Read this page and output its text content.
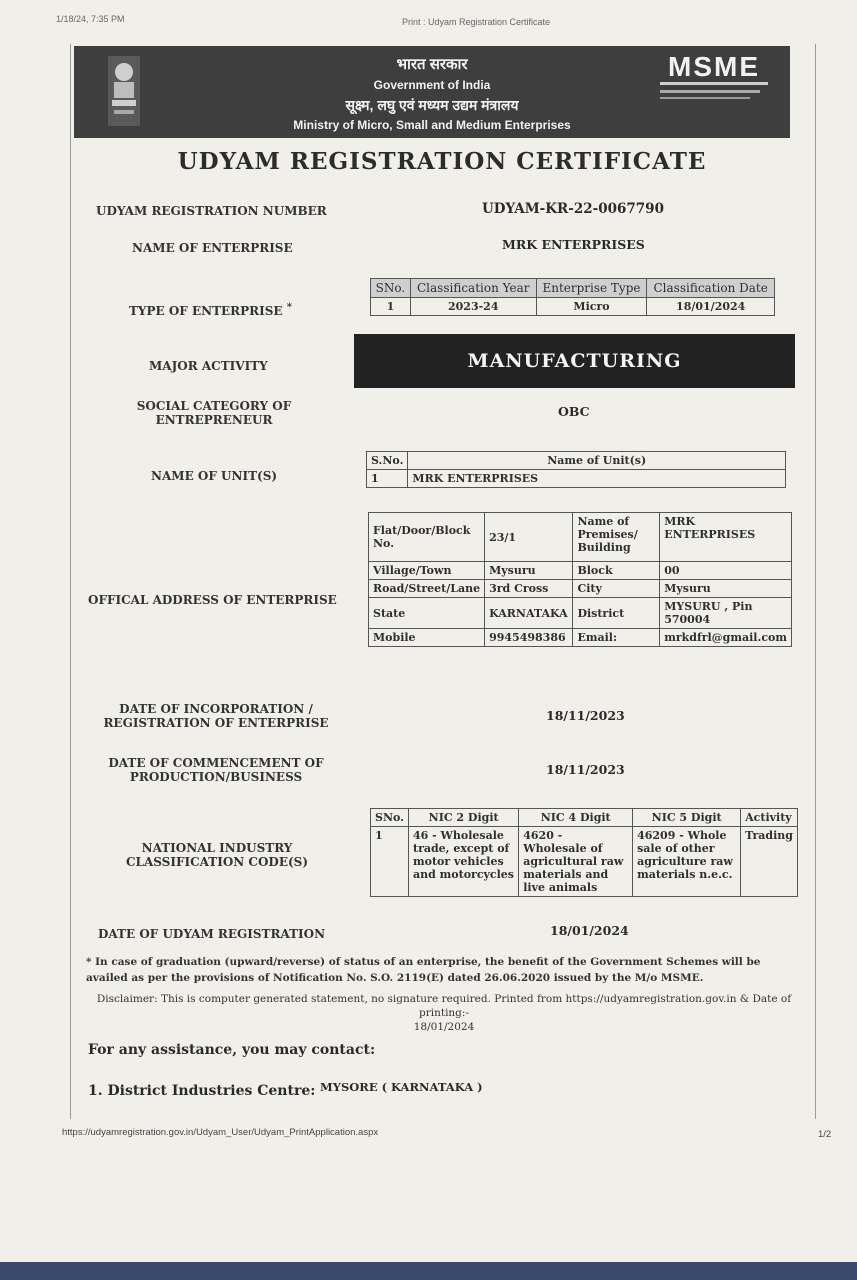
1/18/24, 7:35 PM	Print : Udyam Registration Certificate
भारत सरकार
Government of India
सूक्ष्म, लघु एवं मध्यम उद्यम मंत्रालय
Ministry of Micro, Small and Medium Enterprises
MSME
UDYAM REGISTRATION CERTIFICATE
UDYAM REGISTRATION NUMBER	UDYAM-KR-22-0067790
NAME OF ENTERPRISE	MRK ENTERPRISES
TYPE OF ENTERPRISE *
SNo.	Classification Year	Enterprise Type	Classification Date
1	2023-24	Micro	18/01/2024
MAJOR ACTIVITY	MANUFACTURING
SOCIAL CATEGORY OF
ENTREPRENEUR
OBC
NAME OF UNIT(S)
S.No.	Name of Unit(s)
1	MRK ENTERPRISES
OFFICAL ADDRESS OF ENTERPRISE
Flat/Door/Block No.	23/1	Name of Premises/ Building	MRK ENTERPRISES
Village/Town	Mysuru	Block	00
Road/Street/Lane	3rd Cross	City	Mysuru
State	KARNATAKA	District	MYSURU , Pin 570004
Mobile	9945498386	Email:	mrkdfrl@gmail.com
DATE OF INCORPORATION /
REGISTRATION OF ENTERPRISE	18/11/2023
DATE OF COMMENCEMENT OF
PRODUCTION/BUSINESS	18/11/2023
NATIONAL INDUSTRY
CLASSIFICATION CODE(S)
SNo.	NIC 2 Digit	NIC 4 Digit	NIC 5 Digit	Activity
1	46 - Wholesale trade, except of motor vehicles and motorcycles	4620 - Wholesale of agricultural raw materials and live animals	46209 - Whole sale of other agriculture raw materials n.e.c.	Trading
DATE OF UDYAM REGISTRATION	18/01/2024
* In case of graduation (upward/reverse) of status of an enterprise, the benefit of the Government Schemes will be availed as per the provisions of Notification No. S.O. 2119(E) dated 26.06.2020 issued by the M/o MSME.
Disclaimer: This is computer generated statement, no signature required. Printed from https://udyamregistration.gov.in & Date of printing:-
18/01/2024
For any assistance, you may contact:
1. District Industries Centre: MYSORE ( KARNATAKA )
https://udyamregistration.gov.in/Udyam_User/Udyam_PrintApplication.aspx	1/2
